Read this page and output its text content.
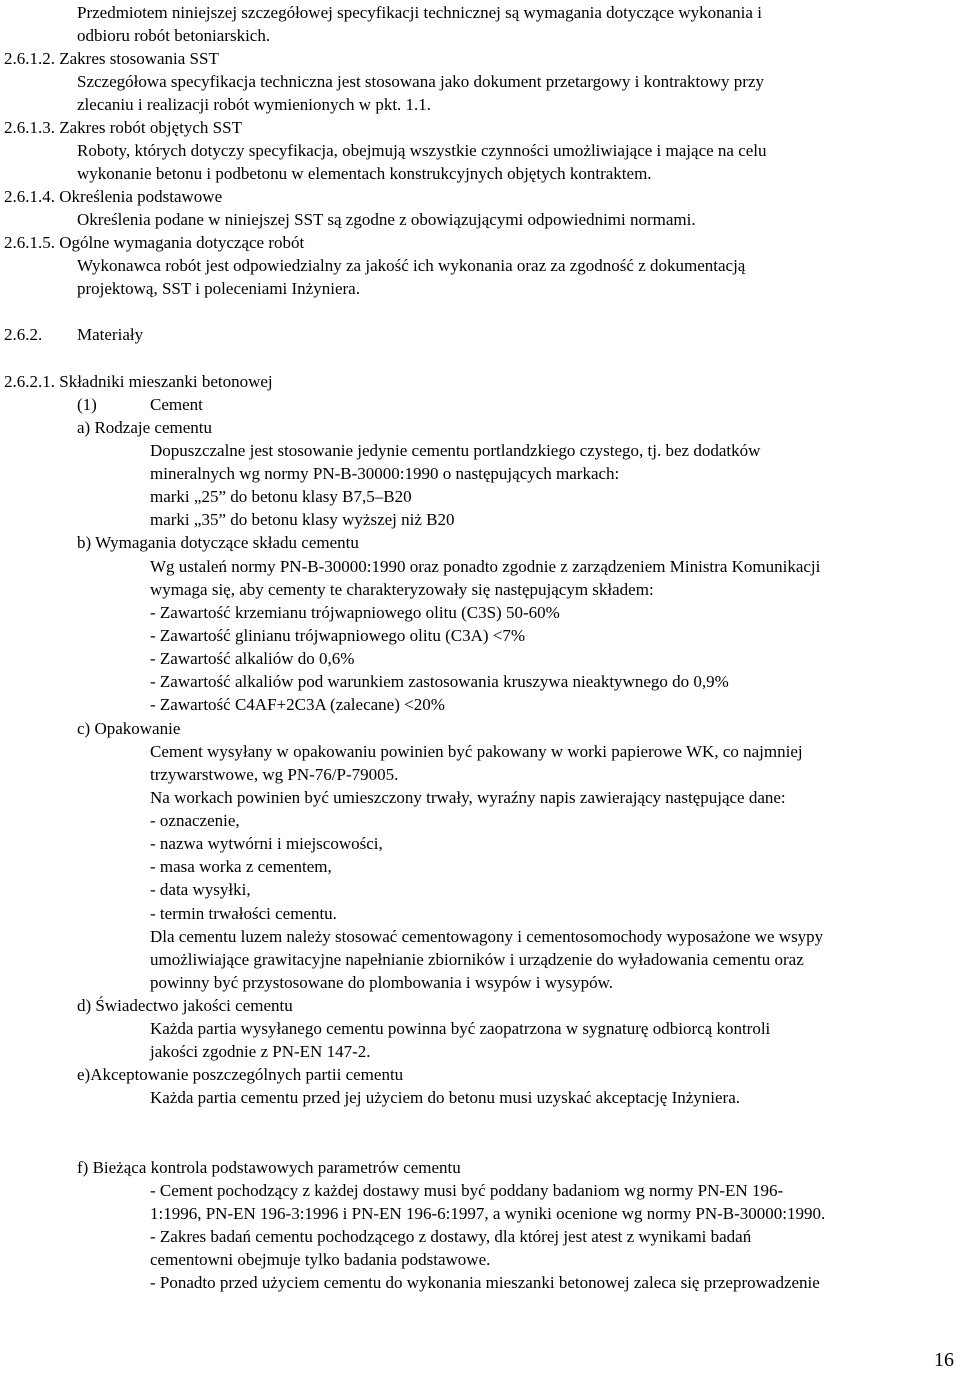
Przedmiotem niniejszej szczegółowej specyfikacji technicznej są wymagania dotyczące wykonania i
odbioru robót betoniarskich.
2.6.1.2. Zakres stosowania SST
Szczegółowa specyfikacja techniczna jest stosowana jako dokument przetargowy i kontraktowy przy
zlecaniu i realizacji robót wymienionych w pkt. 1.1.
2.6.1.3. Zakres robót objętych SST
Roboty, których dotyczy specyfikacja, obejmują wszystkie czynności umożliwiające i mające na celu
wykonanie betonu i podbetonu w elementach konstrukcyjnych objętych kontraktem.
2.6.1.4. Określenia podstawowe
Określenia podane w niniejszej SST są zgodne z obowiązującymi odpowiednimi normami.
2.6.1.5. Ogólne wymagania dotyczące robót
Wykonawca robót jest odpowiedzialny za jakość ich wykonania oraz za zgodność z dokumentacją
projektową, SST i poleceniami Inżyniera.
2.6.2. Materiały
2.6.2.1. Składniki mieszanki betonowej
(1)	Cement
a) Rodzaje cementu
Dopuszczalne jest stosowanie jedynie cementu portlandzkiego czystego, tj. bez dodatków
mineralnych wg normy PN-B-30000:1990 o następujących markach:
marki „25” do betonu klasy B7,5–B20
marki „35” do betonu klasy wyższej niż B20
b) Wymagania dotyczące składu cementu
Wg ustaleń normy PN-B-30000:1990 oraz ponadto zgodnie z zarządzeniem Ministra Komunikacji
wymaga się, aby cementy te charakteryzowały się następującym składem:
- Zawartość krzemianu trójwapniowego olitu (C3S) 50-60%
- Zawartość glinianu trójwapniowego olitu (C3A) <7%
- Zawartość alkaliów do 0,6%
- Zawartość alkaliów pod warunkiem zastosowania kruszywa nieaktywnego do 0,9%
- Zawartość C4AF+2C3A (zalecane) <20%
c) Opakowanie
Cement wysyłany w opakowaniu powinien być pakowany w worki papierowe WK, co najmniej
trzywarstwowe, wg PN-76/P-79005.
Na workach powinien być umieszczony trwały, wyraźny napis zawierający następujące dane:
- oznaczenie,
- nazwa wytwórni i miejscowości,
- masa worka z cementem,
- data wysyłki,
- termin trwałości cementu.
Dla cementu luzem należy stosować cementowagony i cementosomochody wyposażone we wsypy
umożliwiające grawitacyjne napełnianie zbiorników i urządzenie do wyładowania cementu oraz
powinny być przystosowane do plombowania i wsypów i wysypów.
d) Świadectwo jakości cementu
Każda partia wysyłanego cementu powinna być zaopatrzona w sygnaturę odbiorcą kontroli
jakości zgodnie z PN-EN 147-2.
e)Akceptowanie poszczególnych partii cementu
Każda partia cementu przed jej użyciem do betonu musi uzyskać akceptację Inżyniera.
f) Bieżąca kontrola podstawowych parametrów cementu
- Cement pochodzący z każdej dostawy musi być poddany badaniom wg normy PN-EN 196-
1:1996, PN-EN 196-3:1996 i PN-EN 196-6:1997, a wyniki ocenione wg normy PN-B-30000:1990.
- Zakres badań cementu pochodzącego z dostawy, dla której jest atest z wynikami badań
cementowni obejmuje tylko badania podstawowe.
- Ponadto przed użyciem cementu do wykonania mieszanki betonowej zaleca się przeprowadzenie
16
